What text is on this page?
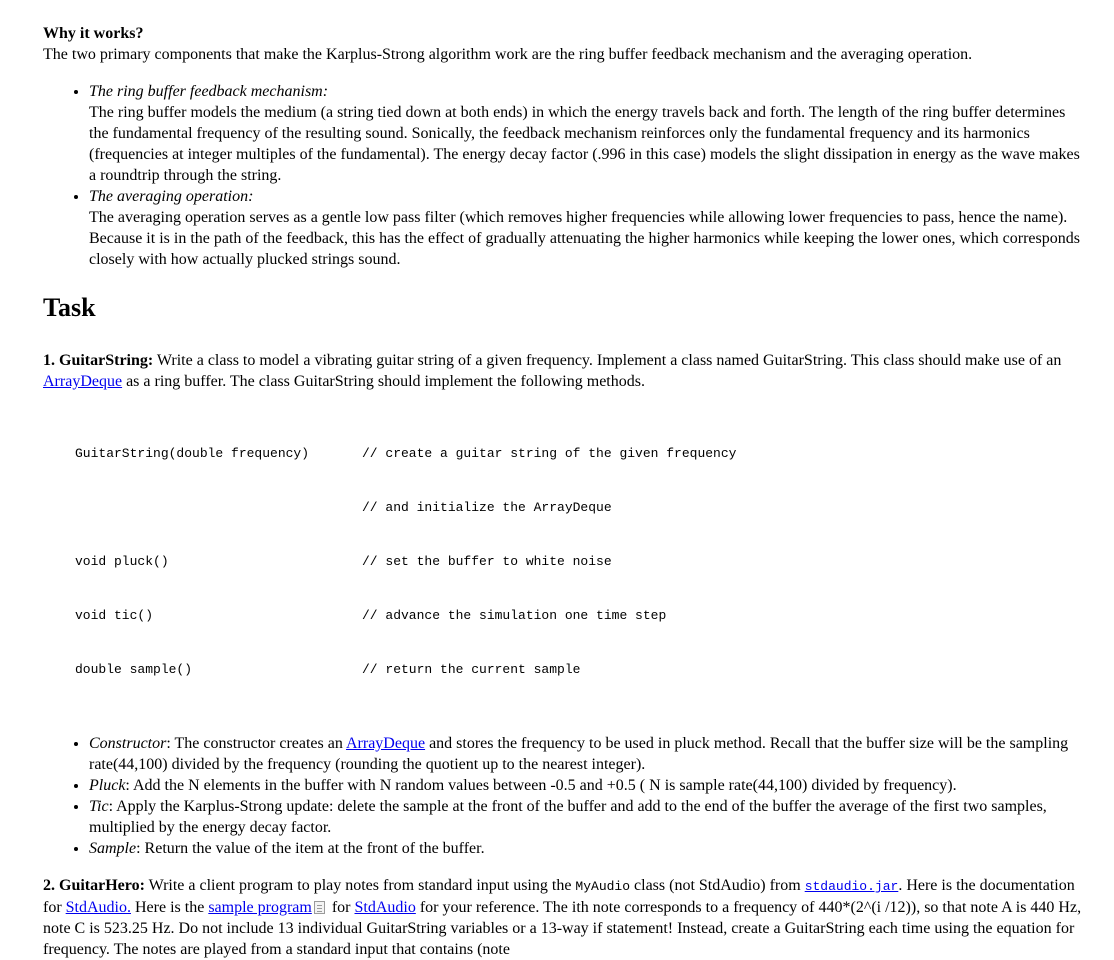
Why it works?

The two primary components that make the Karplus-Strong algorithm work are the ring buffer feedback mechanism and the averaging operation.

• The ring buffer feedback mechanism:
The ring buffer models the medium (a string tied down at both ends) in which the energy travels back and forth. The length of the ring buffer determines the fundamental frequency of the resulting sound. Sonically, the feedback mechanism reinforces only the fundamental frequency and its harmonics (frequencies at integer multiples of the fundamental). The energy decay factor (.996 in this case) models the slight dissipation in energy as the wave makes a roundtrip through the string.
• The averaging operation:
The averaging operation serves as a gentle low pass filter (which removes higher frequencies while allowing lower frequencies to pass, hence the name). Because it is in the path of the feedback, this has the effect of gradually attenuating the higher harmonics while keeping the lower ones, which corresponds closely with how actually plucked strings sound.
Task

1. GuitarString: Write a class to model a vibrating guitar string of a given frequency. Implement a class named GuitarString. This class should make use of an ArrayDeque as a ring buffer. The class GuitarString should implement the following methods.

GuitarString(double frequency)	// create a guitar string of the given frequency

// and initialize the ArrayDeque

void pluck()	// set the buffer to white noise

void tic()	// advance the simulation one time step

double sample()	// return the current sample

• Constructor: The constructor creates an ArrayDeque and stores the frequency to be used in pluck method. Recall that the buffer size will be the sampling rate(44,100) divided by the frequency (rounding the quotient up to the nearest integer).
• Pluck: Add the N elements in the buffer with N random values between -0.5 and +0.5 ( N is sample rate(44,100) divided by frequency).
• Tic: Apply the Karplus-Strong update: delete the sample at the front of the buffer and add to the end of the buffer the average of the first two samples, multiplied by the energy decay factor.
• Sample: Return the value of the item at the front of the buffer.

2. GuitarHero: Write a client program to play notes from standard input using the MyAudio class (not StdAudio) from stdaudio.jar. Here is the documentation for StdAudio. Here is the sample program for StdAudio for your reference. The ith note corresponds to a frequency of 440*(2^(i /12)), so that note A is 440 Hz, note C is 523.25 Hz. Do not include 13 individual GuitarString variables or a 13-way if statement! Instead, create a GuitarString each time using the equation for frequency. The notes are played from a standard input that contains (note
